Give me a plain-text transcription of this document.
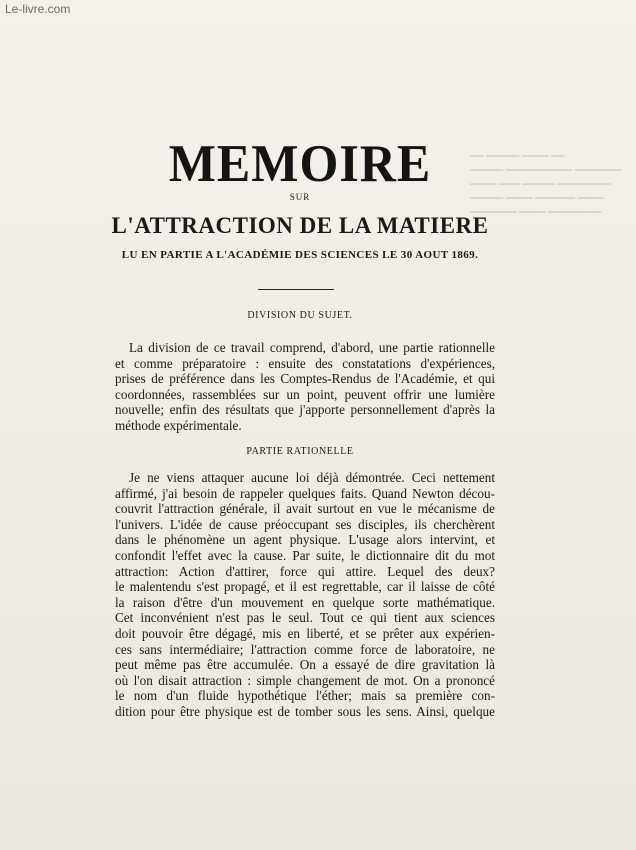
Le-livre.com
━━ ━━━━━ ━━━━ ━━
━━━━━ ━━━━━━━━━━ ━━━━━━━
━━━━ ━━━ ━━━━━ ━━━━━━━━
━━━━━ ━━━━ ━━━━━━ ━━━━
━━━━━━━ ━━━━ ━━━━━━━━
MEMOIRE
SUR
L'ATTRACTION DE LA MATIERE
LU EN PARTIE A L'ACADÉMIE DES SCIENCES LE 30 AOUT 1869.
DIVISION DU SUJET.
La division de ce travail comprend, d'abord, une partie rationnelle
et comme préparatoire : ensuite des constatations d'expériences,
prises de préférence dans les Comptes-Rendus de l'Académie, et qui
coordonnées, rassemblées sur un point, peuvent offrir une lumière
nouvelle; enfin des résultats que j'apporte personnellement d'après la
méthode expérimentale.
PARTIE RATIONELLE
Je ne viens attaquer aucune loi déjà démontrée. Ceci nettement
affirmé, j'ai besoin de rappeler quelques faits. Quand Newton décou-
couvrit l'attraction générale, il avait surtout en vue le mécanisme de
l'univers. L'idée de cause préoccupant ses disciples, ils cherchèrent
dans le phénomène un agent physique. L'usage alors intervint, et
confondit l'effet avec la cause. Par suite, le dictionnaire dit du mot
attraction: Action d'attirer, force qui attire. Lequel des deux?
le malentendu s'est propagé, et il est regrettable, car il laisse de côté
la raison d'être d'un mouvement en quelque sorte mathématique.
Cet inconvénient n'est pas le seul. Tout ce qui tient aux sciences
doit pouvoir être dégagé, mis en liberté, et se prêter aux expérien-
ces sans intermédiaire; l'attraction comme force de laboratoire, ne
peut même pas être accumulée. On a essayé de dire gravitation là
où l'on disait attraction : simple changement de mot. On a prononcé
le nom d'un fluide hypothétique l'éther; mais sa première con-
dition pour être physique est de tomber sous les sens. Ainsi, quelque
